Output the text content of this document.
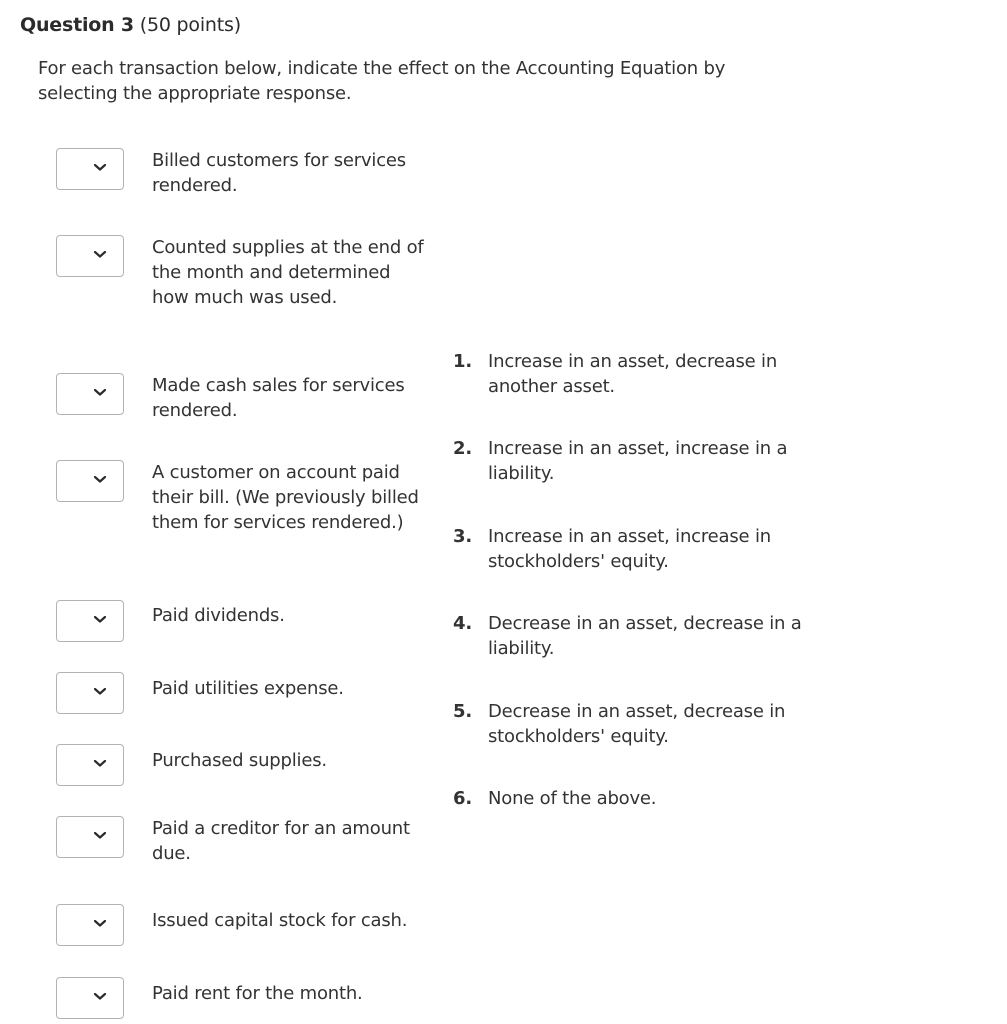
Question 3 (50 points)
For each transaction below, indicate the effect on the Accounting Equation by selecting the appropriate response.
Billed customers for services rendered.
Counted supplies at the end of the month and determined how much was used.
Made cash sales for services rendered.
A customer on account paid their bill. (We previously billed them for services rendered.)
Paid dividends.
Paid utilities expense.
Purchased supplies.
Paid a creditor for an amount due.
Issued capital stock for cash.
Paid rent for the month.
1. Increase in an asset, decrease in another asset.
2. Increase in an asset, increase in a liability.
3. Increase in an asset, increase in stockholders' equity.
4. Decrease in an asset, decrease in a liability.
5. Decrease in an asset, decrease in stockholders' equity.
6. None of the above.
